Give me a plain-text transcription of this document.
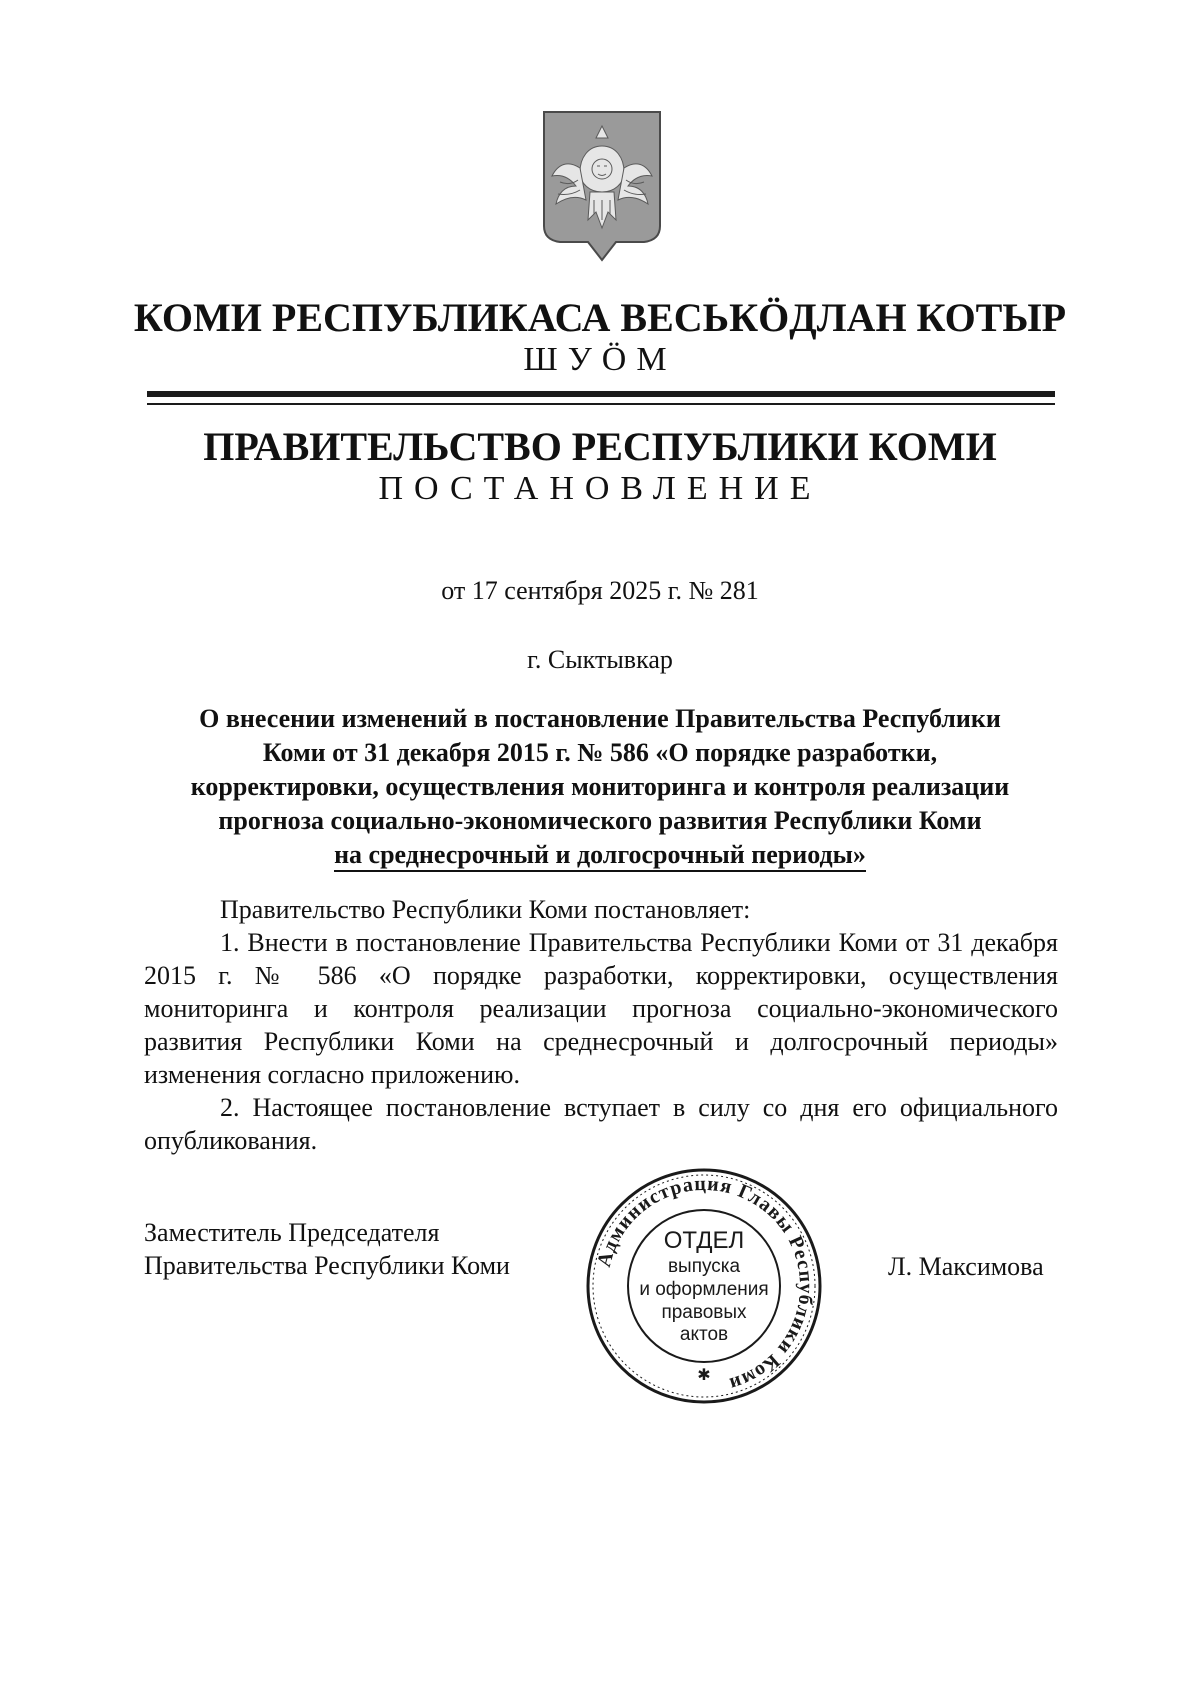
КОМИ РЕСПУБЛИКАСА ВЕСЬКӦДЛАН КОТЫР
ШУӦМ
ПРАВИТЕЛЬСТВО РЕСПУБЛИКИ КОМИ
ПОСТАНОВЛЕНИЕ
от 17 сентября 2025 г. № 281
г. Сыктывкар
О внесении изменений в постановление Правительства Республики
Коми от 31 декабря 2015 г. № 586 «О порядке разработки,
корректировки, осуществления мониторинга и контроля реализации
прогноза социально-экономического развития Республики Коми
на среднесрочный и долгосрочный периоды»

Правительство Республики Коми постановляет:

1. Внести в постановление Правительства Республики Коми от 31 декабря 2015 г. № 586 «О порядке разработки, корректировки, осуществления мониторинга и контроля реализации прогноза социально-экономического развития Республики Коми на среднесрочный и долгосрочный периоды» изменения согласно приложению.

2. Настоящее постановление вступает в силу со дня его официального опубликования.

Заместитель Председателя
Правительства Республики Коми	Администрация Главы Республики Коми
ОТДЕЛ
выпуска
и оформления
правовых
актов
✱
Л. Максимова
